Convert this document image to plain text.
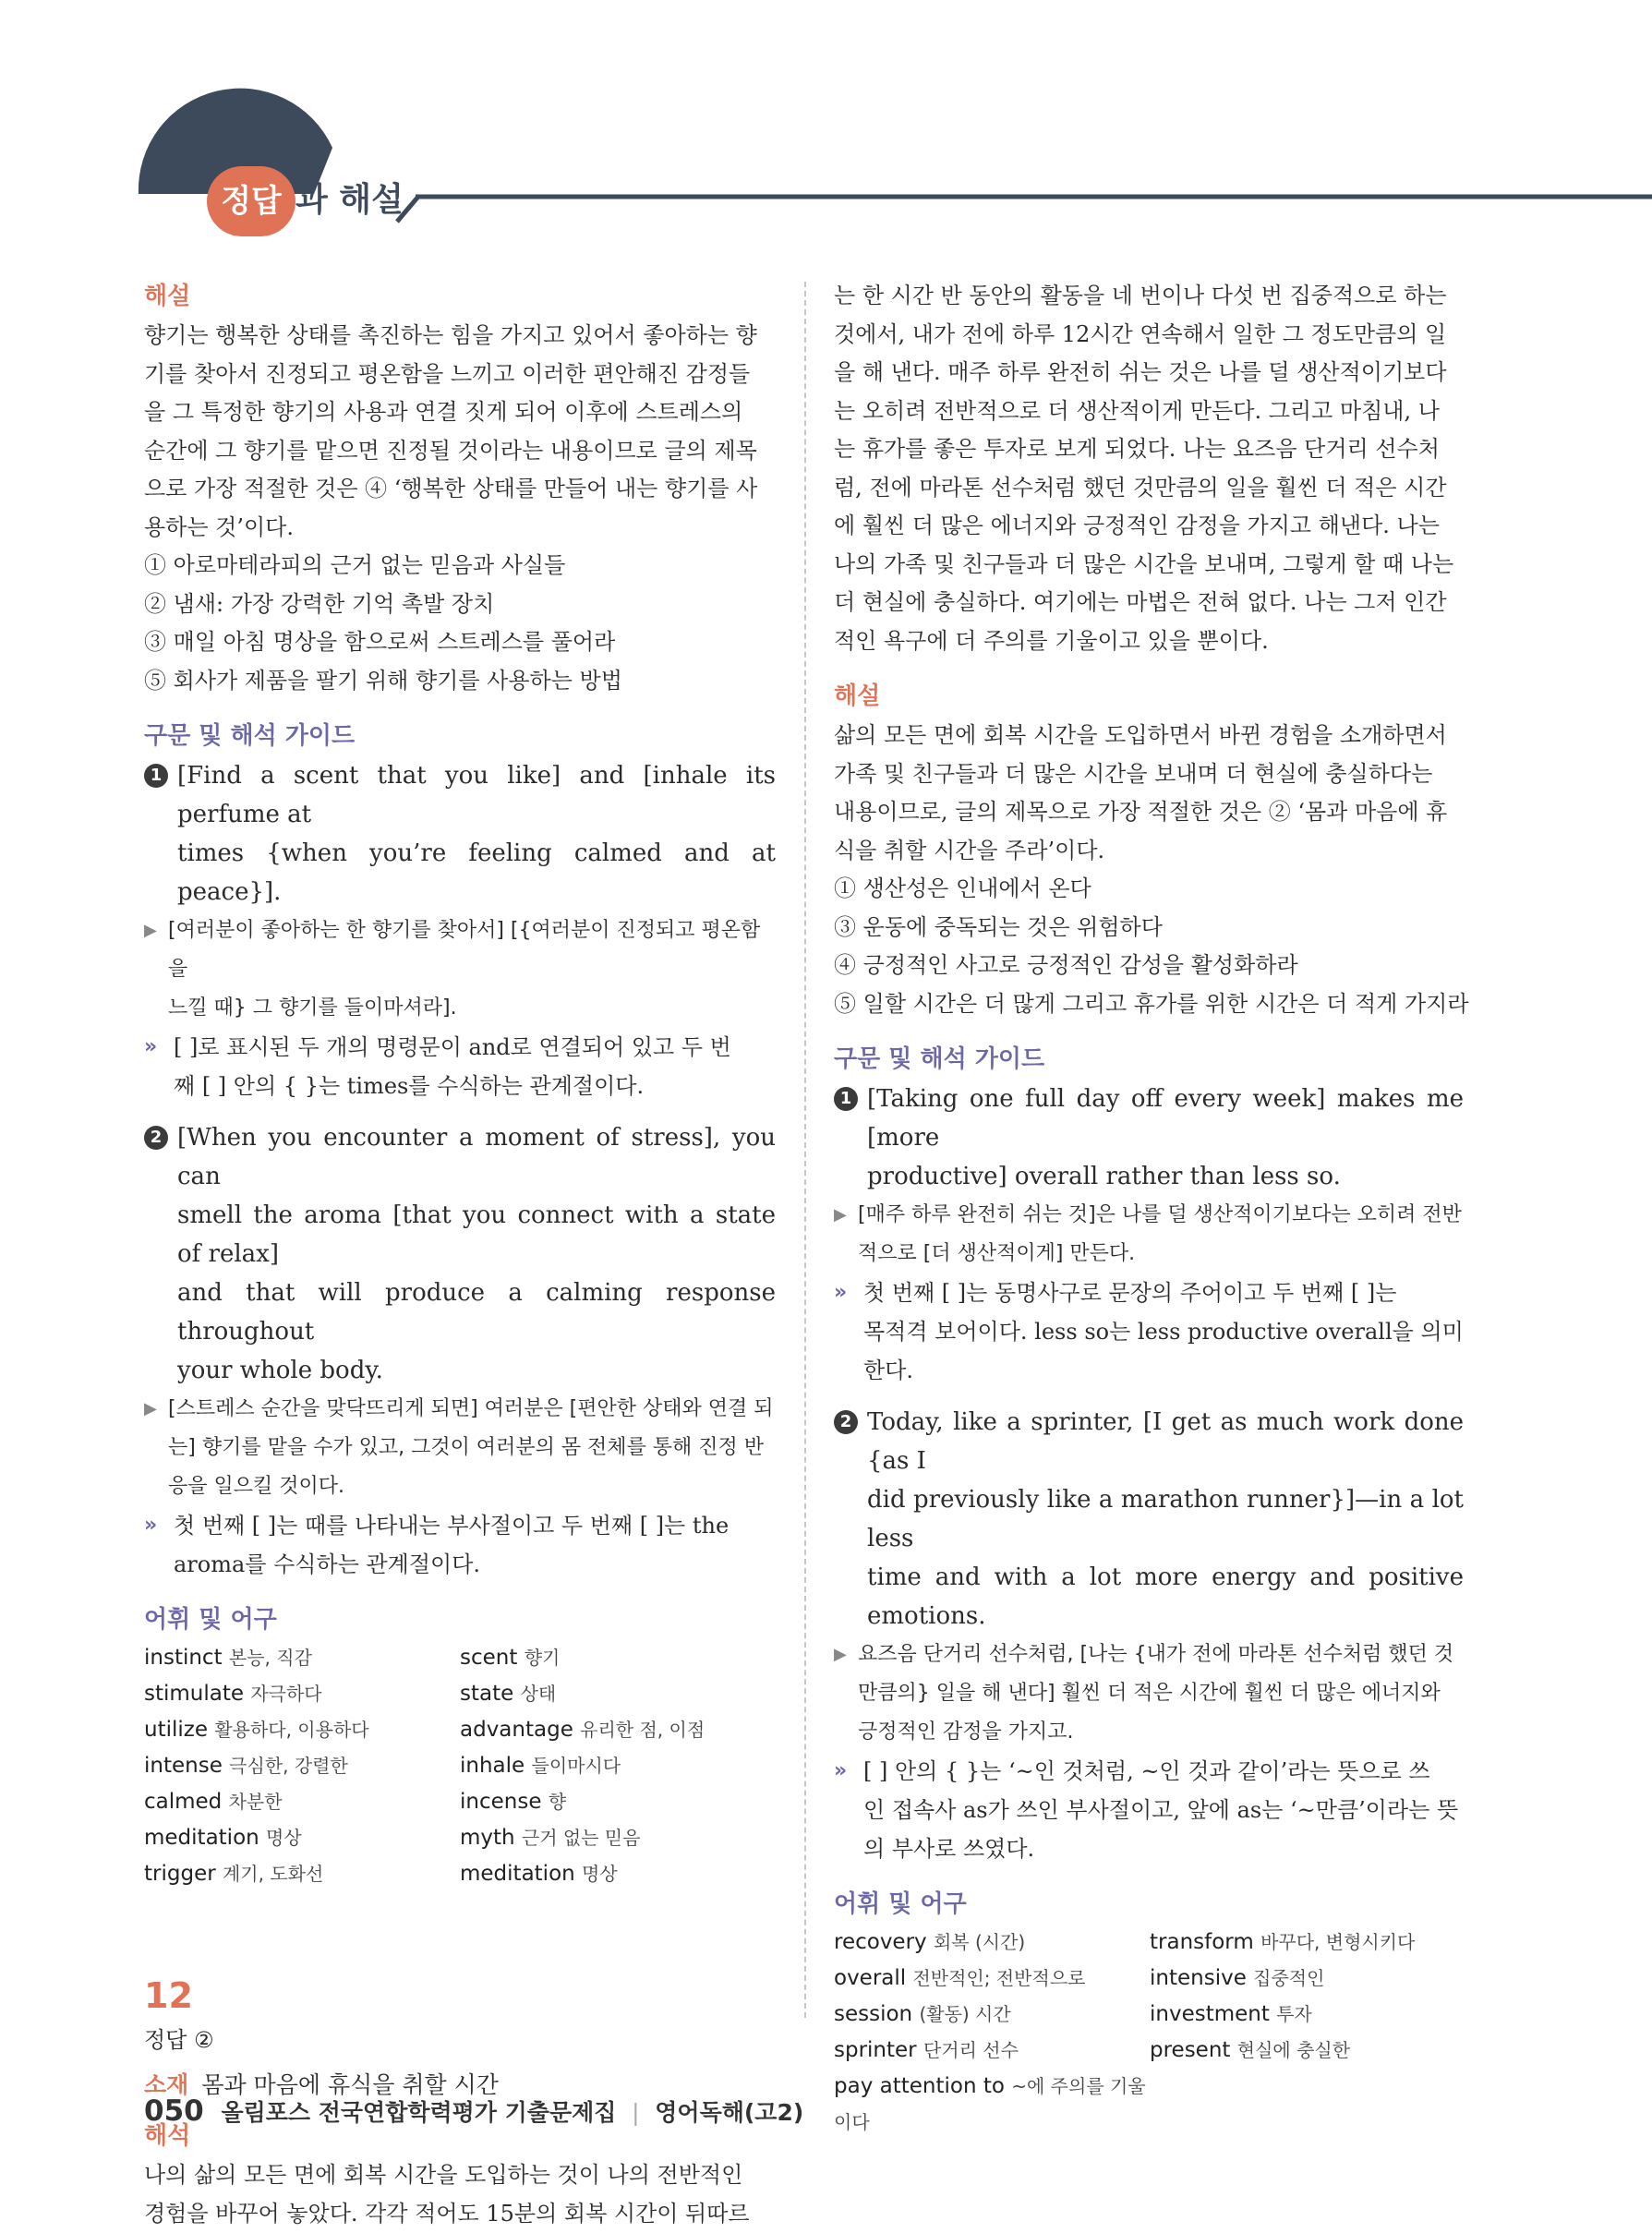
정답 과 해설

해설

향기는 행복한 상태를 촉진하는 힘을 가지고 있어서 좋아하는 향

기를 찾아서 진정되고 평온함을 느끼고 이러한 편안해진 감정들

을 그 특정한 향기의 사용과 연결 짓게 되어 이후에 스트레스의

순간에 그 향기를 맡으면 진정될 것이라는 내용이므로 글의 제목

으로 가장 적절한 것은 ④ ‘행복한 상태를 만들어 내는 향기를 사

용하는 것’이다.

① 아로마테라피의 근거 없는 믿음과 사실들

② 냄새: 가장 강력한 기억 촉발 장치

③ 매일 아침 명상을 함으로써 스트레스를 풀어라

⑤ 회사가 제품을 팔기 위해 향기를 사용하는 방법

구문 및 해석 가이드

1 [Find a scent that you like] and [inhale its perfume at
times {when you’re feeling calmed and at peace}].
▶ [여러분이 좋아하는 한 향기를 찾아서] [{여러분이 진정되고 평온함을
느낄 때} 그 향기를 들이마셔라].
» [ ]로 표시된 두 개의 명령문이 and로 연결되어 있고 두 번
째 [ ] 안의 { }는 times를 수식하는 관계절이다.
2 [When you encounter a moment of stress], you can
smell the aroma [that you connect with a state of relax]
and that will produce a calming response throughout
your whole body.
▶ [스트레스 순간을 맞닥뜨리게 되면] 여러분은 [편안한 상태와 연결 되
는] 향기를 맡을 수가 있고, 그것이 여러분의 몸 전체를 통해 진정 반
응을 일으킬 것이다.
» 첫 번째 [ ]는 때를 나타내는 부사절이고 두 번째 [ ]는 the
aroma를 수식하는 관계절이다.

어휘 및 어구

instinct 본능, 직감	scent 향기
stimulate 자극하다	state 상태
utilize 활용하다, 이용하다	advantage 유리한 점, 이점
intense 극심한, 강렬한	inhale 들이마시다
calmed 차분한	incense 향
meditation 명상	myth 근거 없는 믿음
trigger 계기, 도화선	meditation 명상

12

정답 ②

소재 몸과 마음에 휴식을 취할 시간

해석

나의 삶의 모든 면에 회복 시간을 도입하는 것이 나의 전반적인

경험을 바꾸어 놓았다. 각각 적어도 15분의 회복 시간이 뒤따르

는 한 시간 반 동안의 활동을 네 번이나 다섯 번 집중적으로 하는

것에서, 내가 전에 하루 12시간 연속해서 일한 그 정도만큼의 일

을 해 낸다. 매주 하루 완전히 쉬는 것은 나를 덜 생산적이기보다

는 오히려 전반적으로 더 생산적이게 만든다. 그리고 마침내, 나

는 휴가를 좋은 투자로 보게 되었다. 나는 요즈음 단거리 선수처

럼, 전에 마라톤 선수처럼 했던 것만큼의 일을 훨씬 더 적은 시간

에 훨씬 더 많은 에너지와 긍정적인 감정을 가지고 해낸다. 나는

나의 가족 및 친구들과 더 많은 시간을 보내며, 그렇게 할 때 나는

더 현실에 충실하다. 여기에는 마법은 전혀 없다. 나는 그저 인간

적인 욕구에 더 주의를 기울이고 있을 뿐이다.

해설

삶의 모든 면에 회복 시간을 도입하면서 바뀐 경험을 소개하면서

가족 및 친구들과 더 많은 시간을 보내며 더 현실에 충실하다는

내용이므로, 글의 제목으로 가장 적절한 것은 ② ‘몸과 마음에 휴

식을 취할 시간을 주라’이다.

① 생산성은 인내에서 온다

③ 운동에 중독되는 것은 위험하다

④ 긍정적인 사고로 긍정적인 감성을 활성화하라

⑤ 일할 시간은 더 많게 그리고 휴가를 위한 시간은 더 적게 가지라

구문 및 해석 가이드

1 [Taking one full day off every week] makes me [more
productive] overall rather than less so.
▶ [매주 하루 완전히 쉬는 것]은 나를 덜 생산적이기보다는 오히려 전반
적으로 [더 생산적이게] 만든다.
» 첫 번째 [ ]는 동명사구로 문장의 주어이고 두 번째 [ ]는
목적격 보어이다. less so는 less productive overall을 의미
한다.
2 Today, like a sprinter, [I get as much work done {as I
did previously like a marathon runner}]—in a lot less
time and with a lot more energy and positive emotions.
▶ 요즈음 단거리 선수처럼, [나는 {내가 전에 마라톤 선수처럼 했던 것
만큼의} 일을 해 낸다] 훨씬 더 적은 시간에 훨씬 더 많은 에너지와
긍정적인 감정을 가지고.
» [ ] 안의 { }는 ‘~인 것처럼, ~인 것과 같이’라는 뜻으로 쓰
인 접속사 as가 쓰인 부사절이고, 앞에 as는 ‘~만큼’이라는 뜻
의 부사로 쓰였다.

어휘 및 어구

recovery 회복 (시간)	transform 바꾸다, 변형시키다
overall 전반적인; 전반적으로	intensive 집중적인
session (활동) 시간	investment 투자
sprinter 단거리 선수	present 현실에 충실한
pay attention to ~에 주의를 기울이다
050 올림포스 전국연합학력평가 기출문제집 | 영어독해(고2)
